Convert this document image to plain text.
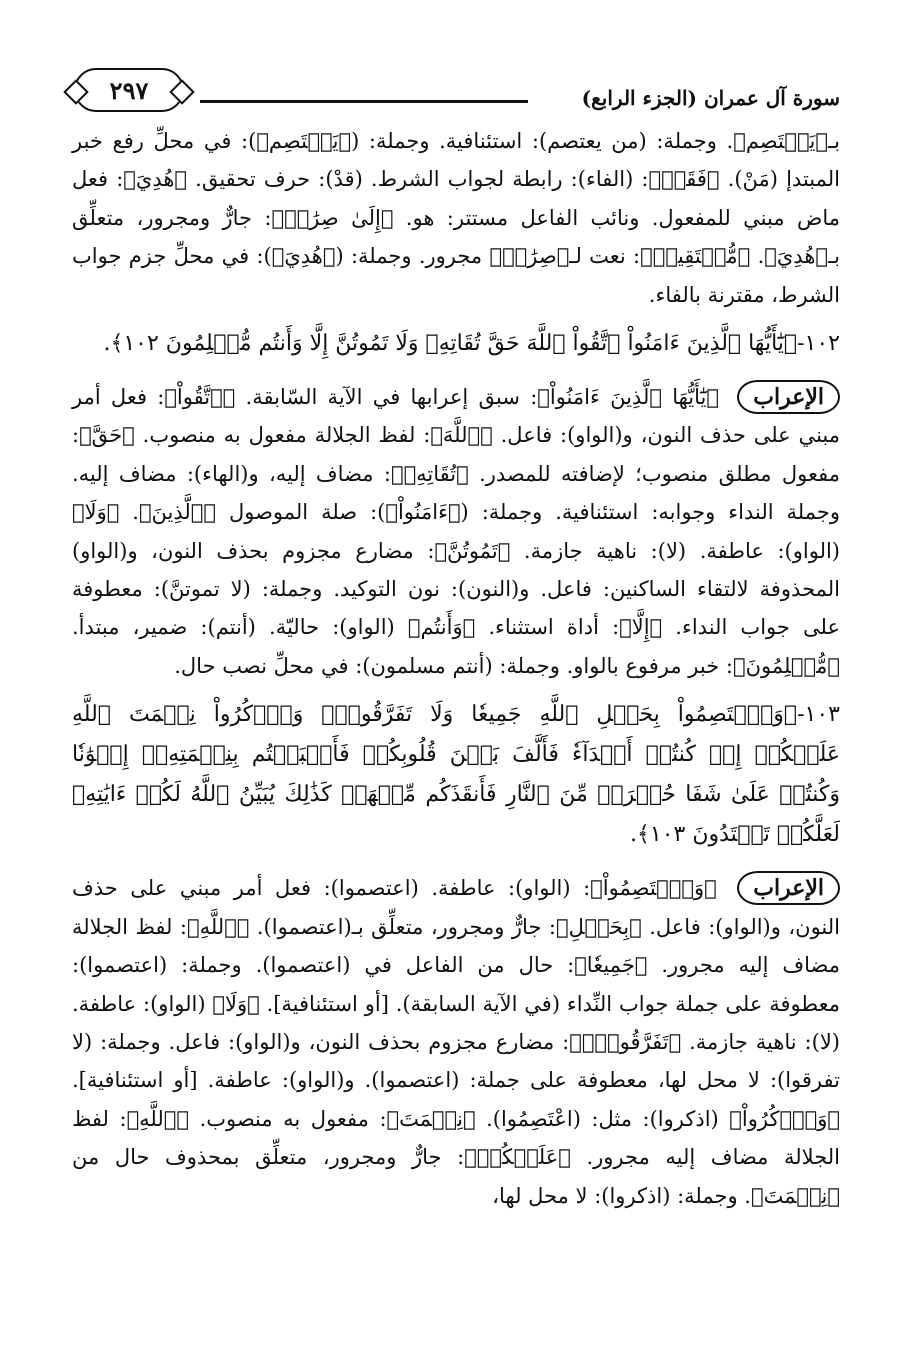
سورة آل عمران (الجزء الرابع)
٢٩٧

بـ﴿يَعۡتَصِم﴾. وجملة: (من يعتصم): استئنافية. وجملة: (﴿يَعۡتَصِم﴾): في محلِّ رفع خبر المبتدإ (مَنْ). ﴿فَقَدۡ﴾: (الفاء): رابطة لجواب الشرط. (قدْ): حرف تحقيق. ﴿هُدِيَ﴾: فعل ماض مبني للمفعول. ونائب الفاعل مستتر: هو. ﴿إِلَىٰ صِرَٰطٖ﴾: جارٌّ ومجرور، متعلِّق بـ﴿هُدِيَ﴾. ﴿مُّسۡتَقِيمٖ﴾: نعت لـ﴿صِرَٰطٖ﴾ مجرور. وجملة: (﴿هُدِيَ﴾): في محلِّ جزم جواب الشرط، مقترنة بالفاء.

١٠٢-﴿يَٰٓأَيُّهَا ٱلَّذِينَ ءَامَنُواْ ٱتَّقُواْ ٱللَّهَ حَقَّ تُقَاتِهِۦ وَلَا تَمُوتُنَّ إِلَّا وَأَنتُم مُّسۡلِمُونَ ١٠٢﴾.

الإعراب ﴿يَٰٓأَيُّهَا ٱلَّذِينَ ءَامَنُواْ﴾: سبق إعرابها في الآية السّابقة. ﴿ٱتَّقُواْ﴾: فعل أمر مبني على حذف النون، و(الواو): فاعل. ﴿ٱللَّهَ﴾: لفظ الجلالة مفعول به منصوب. ﴿حَقَّ﴾: مفعول مطلق منصوب؛ لإضافته للمصدر. ﴿تُقَاتِهِۦ﴾: مضاف إليه، و(الهاء): مضاف إليه. وجملة النداء وجوابه: استئنافية. وجملة: (﴿ءَامَنُواْ﴾): صلة الموصول ﴿ٱلَّذِينَ﴾. ﴿وَلَا﴾ (الواو): عاطفة. (لا): ناهية جازمة. ﴿تَمُوتُنَّ﴾: مضارع مجزوم بحذف النون، و(الواو) المحذوفة لالتقاء الساكنين: فاعل. و(النون): نون التوكيد. وجملة: (لا تموتنَّ): معطوفة على جواب النداء. ﴿إِلَّا﴾: أداة استثناء. ﴿وَأَنتُم﴾ (الواو): حاليّة. (أنتم): ضمير، مبتدأ. ﴿مُّسۡلِمُونَ﴾: خبر مرفوع بالواو. وجملة: (أنتم مسلمون): في محلِّ نصب حال.

١٠٣-﴿وَٱعۡتَصِمُواْ بِحَبۡلِ ٱللَّهِ جَمِيعٗا وَلَا تَفَرَّقُواْۚ وَٱذۡكُرُواْ نِعۡمَتَ ٱللَّهِ عَلَيۡكُمۡ إِذۡ كُنتُمۡ أَعۡدَآءٗ فَأَلَّفَ بَيۡنَ قُلُوبِكُمۡ فَأَصۡبَحۡتُم بِنِعۡمَتِهِۦٓ إِخۡوَٰنٗا وَكُنتُمۡ عَلَىٰ شَفَا حُفۡرَةٖ مِّنَ ٱلنَّارِ فَأَنقَذَكُم مِّنۡهَاۗ كَذَٰلِكَ يُبَيِّنُ ٱللَّهُ لَكُمۡ ءَايَٰتِهِۦ لَعَلَّكُمۡ تَهۡتَدُونَ ١٠٣﴾.

الإعراب ﴿وَٱعۡتَصِمُواْ﴾: (الواو): عاطفة. (اعتصموا): فعل أمر مبني على حذف النون، و(الواو): فاعل. ﴿بِحَبۡلِ﴾: جارٌّ ومجرور، متعلِّق بـ(اعتصموا). ﴿ٱللَّهِ﴾: لفظ الجلالة مضاف إليه مجرور. ﴿جَمِيعٗا﴾: حال من الفاعل في (اعتصموا). وجملة: (اعتصموا): معطوفة على جملة جواب النِّداء (في الآية السابقة). [أو استئنافية]. ﴿وَلَا﴾ (الواو): عاطفة. (لا): ناهية جازمة. ﴿تَفَرَّقُواْۚ﴾: مضارع مجزوم بحذف النون، و(الواو): فاعل. وجملة: (لا تفرقوا): لا محل لها، معطوفة على جملة: (اعتصموا). و(الواو): عاطفة. [أو استئنافية]. ﴿وَٱذۡكُرُواْ﴾ (اذكروا): مثل: (اعْتَصِمُوا). ﴿نِعۡمَتَ﴾: مفعول به منصوب. ﴿ٱللَّهِ﴾: لفظ الجلالة مضاف إليه مجرور. ﴿عَلَيۡكُمۡ﴾: جارٌّ ومجرور، متعلِّق بمحذوف حال من ﴿نِعۡمَتَ﴾. وجملة: (اذكروا): لا محل لها،
